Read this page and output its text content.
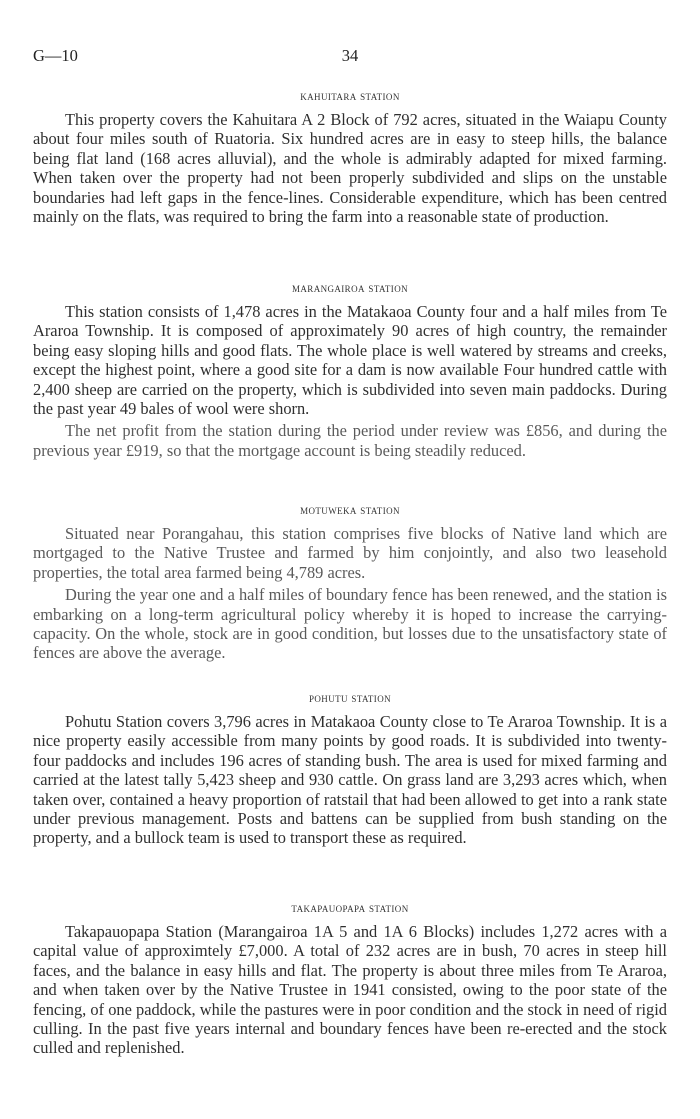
G—10	34
kahuitara station

This property covers the Kahuitara A 2 Block of 792 acres, situated in the Waiapu County about four miles south of Ruatoria. Six hundred acres are in easy to steep hills, the balance being flat land (168 acres alluvial), and the whole is admirably adapted for mixed farming. When taken over the property had not been properly subdivided and slips on the unstable boundaries had left gaps in the fence-lines. Considerable expenditure, which has been centred mainly on the flats, was required to bring the farm into a reasonable state of production.

marangairoa station

This station consists of 1,478 acres in the Matakaoa County four and a half miles from Te Araroa Township. It is composed of approximately 90 acres of high country, the remainder being easy sloping hills and good flats. The whole place is well watered by streams and creeks, except the highest point, where a good site for a dam is now available Four hundred cattle with 2,400 sheep are carried on the property, which is subdivided into seven main paddocks. During the past year 49 bales of wool were shorn.

The net profit from the station during the period under review was £856, and during the previous year £919, so that the mortgage account is being steadily reduced.

motuweka station

Situated near Porangahau, this station comprises five blocks of Native land which are mortgaged to the Native Trustee and farmed by him conjointly, and also two leasehold properties, the total area farmed being 4,789 acres.

During the year one and a half miles of boundary fence has been renewed, and the station is embarking on a long-term agricultural policy whereby it is hoped to increase the carrying-capacity. On the whole, stock are in good condition, but losses due to the unsatisfactory state of fences are above the average.

pohutu station

Pohutu Station covers 3,796 acres in Matakaoa County close to Te Araroa Township. It is a nice property easily accessible from many points by good roads. It is subdivided into twenty-four paddocks and includes 196 acres of standing bush. The area is used for mixed farming and carried at the latest tally 5,423 sheep and 930 cattle. On grass land are 3,293 acres which, when taken over, contained a heavy proportion of ratstail that had been allowed to get into a rank state under previous management. Posts and battens can be supplied from bush standing on the property, and a bullock team is used to transport these as required.

takapauopapa station

Takapauopapa Station (Marangairoa 1A 5 and 1A 6 Blocks) includes 1,272 acres with a capital value of approximtely £7,000. A total of 232 acres are in bush, 70 acres in steep hill faces, and the balance in easy hills and flat. The property is about three miles from Te Araroa, and when taken over by the Native Trustee in 1941 consisted, owing to the poor state of the fencing, of one paddock, while the pastures were in poor condition and the stock in need of rigid culling. In the past five years internal and boundary fences have been re-erected and the stock culled and replenished.
